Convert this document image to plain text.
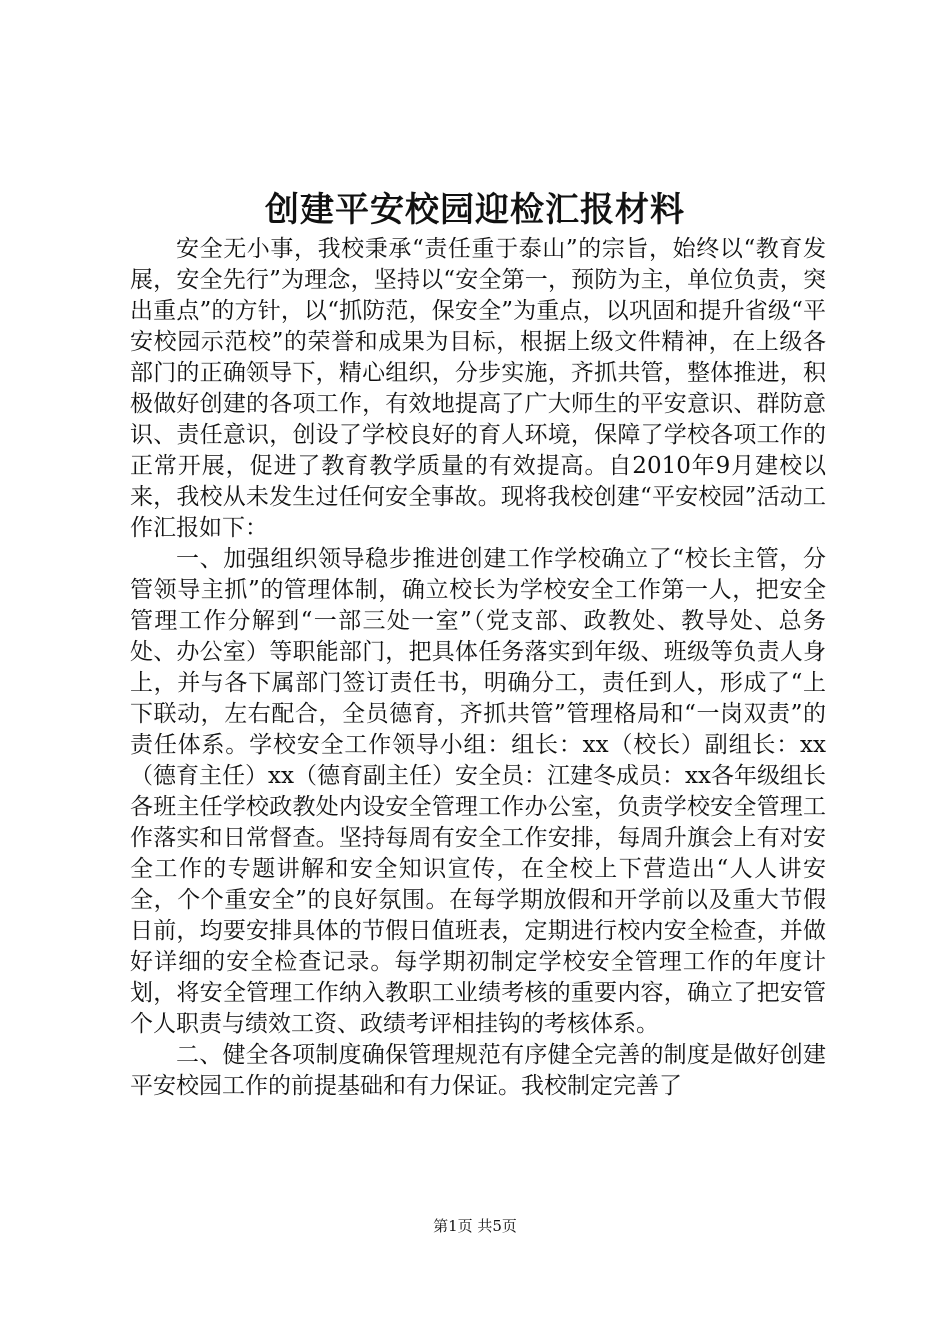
创建平安校园迎检汇报材料

安全无小事，我校秉承“责任重于泰山”的宗旨，始终以“教育发展，安全先行”为理念，坚持以“安全第一，预防为主，单位负责，突出重点”的方针，以“抓防范，保安全”为重点，以巩固和提升省级“平安校园示范校”的荣誉和成果为目标，根据上级文件精神，在上级各部门的正确领导下，精心组织，分步实施，齐抓共管，整体推进，积极做好创建的各项工作，有效地提高了广大师生的平安意识、群防意识、责任意识，创设了学校良好的育人环境，保障了学校各项工作的正常开展，促进了教育教学质量的有效提高。自2010年9月建校以来，我校从未发生过任何安全事故。现将我校创建“平安校园”活动工作汇报如下：

一、加强组织领导稳步推进创建工作学校确立了“校长主管，分管领导主抓”的管理体制，确立校长为学校安全工作第一人，把安全管理工作分解到“一部三处一室”（党支部、政教处、教导处、总务处、办公室）等职能部门，把具体任务落实到年级、班级等负责人身上，并与各下属部门签订责任书，明确分工，责任到人，形成了“上下联动，左右配合，全员德育，齐抓共管”管理格局和“一岗双责”的责任体系。学校安全工作领导小组：组长：xx（校长）副组长：xx（德育主任）xx（德育副主任）安全员：江建冬成员：xx各年级组长各班主任学校政教处内设安全管理工作办公室，负责学校安全管理工作落实和日常督查。坚持每周有安全工作安排，每周升旗会上有对安全工作的专题讲解和安全知识宣传，在全校上下营造出“人人讲安全，个个重安全”的良好氛围。在每学期放假和开学前以及重大节假日前，均要安排具体的节假日值班表，定期进行校内安全检查，并做好详细的安全检查记录。每学期初制定学校安全管理工作的年度计划，将安全管理工作纳入教职工业绩考核的重要内容，确立了把安管个人职责与绩效工资、政绩考评相挂钩的考核体系。

二、健全各项制度确保管理规范有序健全完善的制度是做好创建平安校园工作的前提基础和有力保证。我校制定完善了

第1页 共5页
